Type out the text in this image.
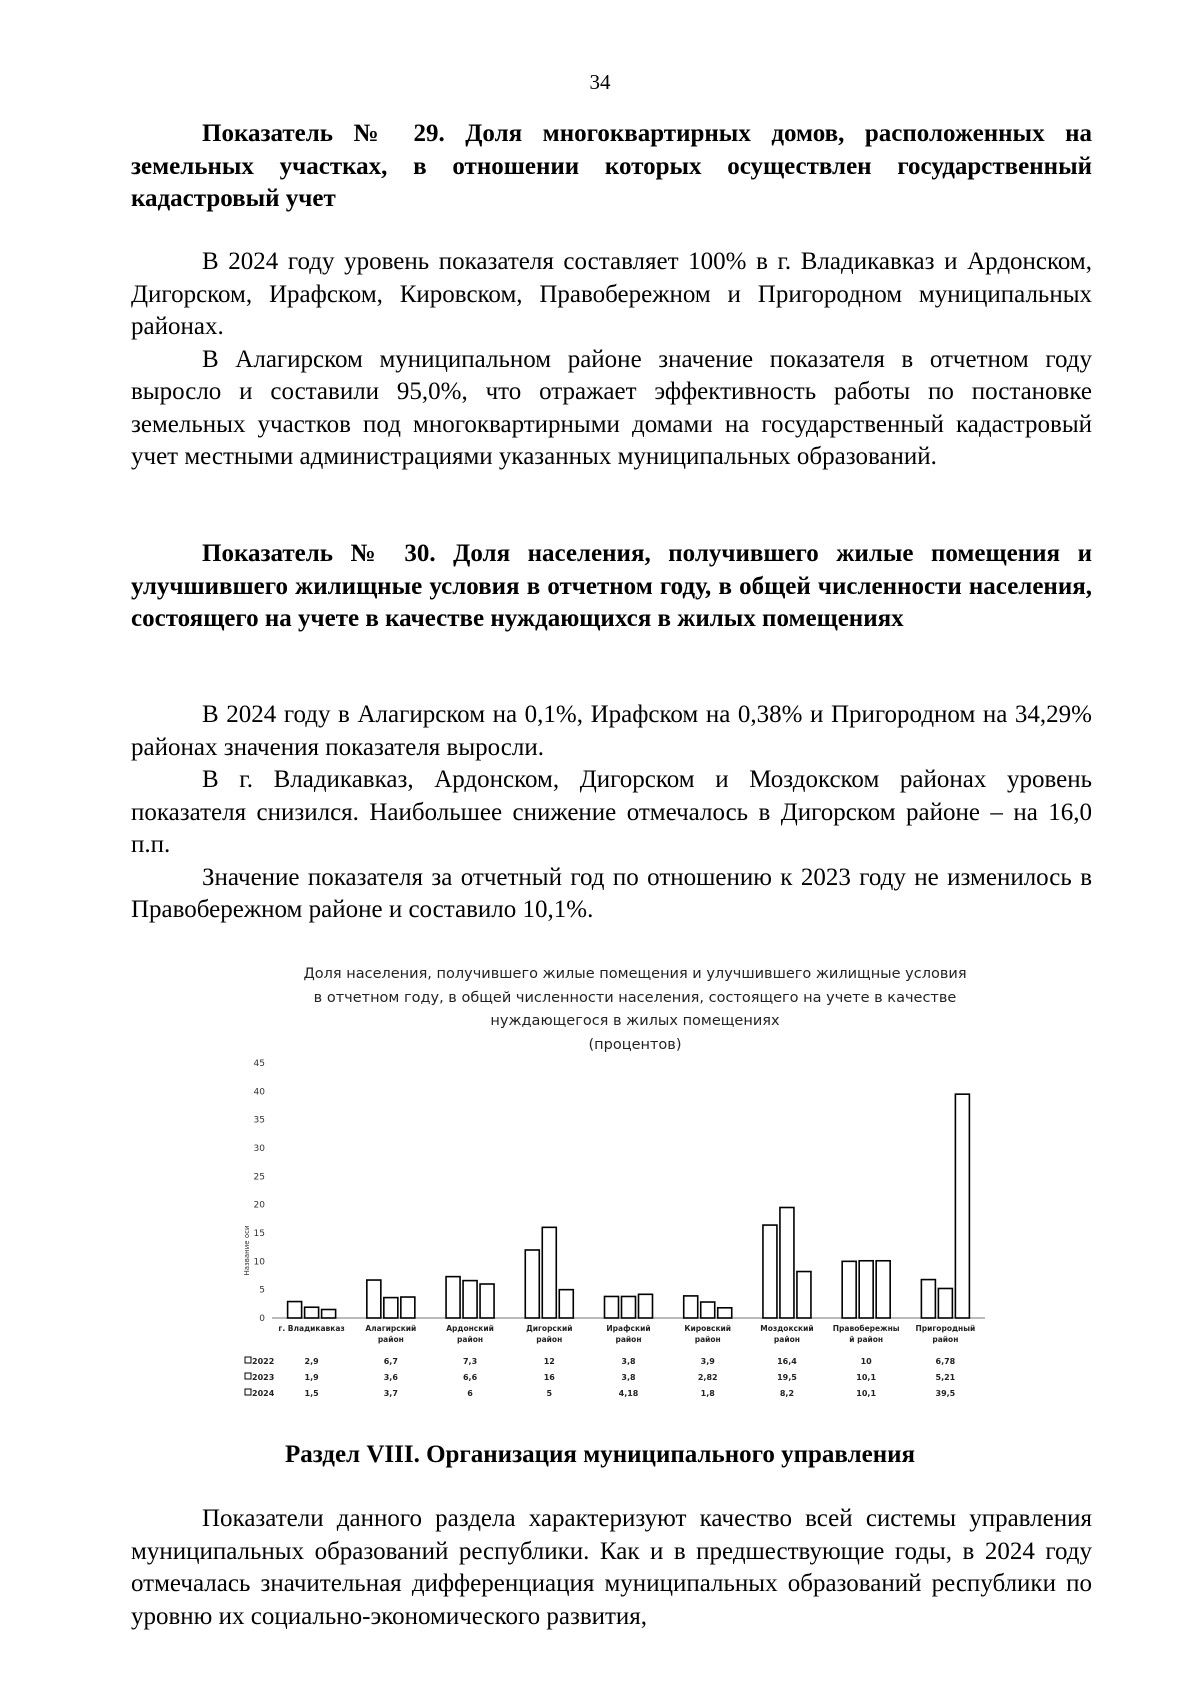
34
Показатель № 29. Доля многоквартирных домов, расположенных на земельных участках, в отношении которых осуществлен государственный кадастровый учет

В 2024 году уровень показателя составляет 100% в г. Владикавказ и Ардонском, Дигорском, Ирафском, Кировском, Правобережном и Пригородном муниципальных районах.

В Алагирском муниципальном районе значение показателя в отчетном году выросло и составили 95,0%, что отражает эффективность работы по постановке земельных участков под многоквартирными домами на государственный кадастровый учет местными администрациями указанных муниципальных образований.

Показатель № 30. Доля населения, получившего жилые помещения и улучшившего жилищные условия в отчетном году, в общей численности населения, состоящего на учете в качестве нуждающихся в жилых помещениях

В 2024 году в Алагирском на 0,1%, Ирафском на 0,38% и Пригородном на 34,29% районах значения показателя выросли.

В г. Владикавказ, Ардонском, Дигорском и Моздокском районах уровень показателя снизился. Наибольшее снижение отмечалось в Дигорском районе – на 16,0 п.п.

Значение показателя за отчетный год по отношению к 2023 году не изменилось в Правобережном районе и составило 10,1%.

Доля населения, получившего жилые помещения и улучшившего жилищные условия в отчетном году, в общей численности населения, состоящего на учете в качестве нуждающегося в жилых помещениях
(процентов)
0
5
10
15
20
25
30
35
40
45
Название оси
г. Владикавказ	Алагирский
район
Ардонский
район
Дигорский
район
Ирафский
район
Кировский
район
Моздокский
район
Правобережны
й район
Пригородный
район
2022	2,9	6,7	7,3	12	3,8	3,9	16,4	10	6,78
2023	1,9	3,6	6,6	16	3,8	2,82	19,5	10,1	5,21
2024	1,5	3,7	6	5	4,18	1,8	8,2	10,1	39,5
Раздел VIII. Организация муниципального управления

Показатели данного раздела характеризуют качество всей системы управления муниципальных образований республики. Как и в предшествующие годы, в 2024 году отмечалась значительная дифференциация муниципальных образований республики по уровню их социально-экономического развития,
